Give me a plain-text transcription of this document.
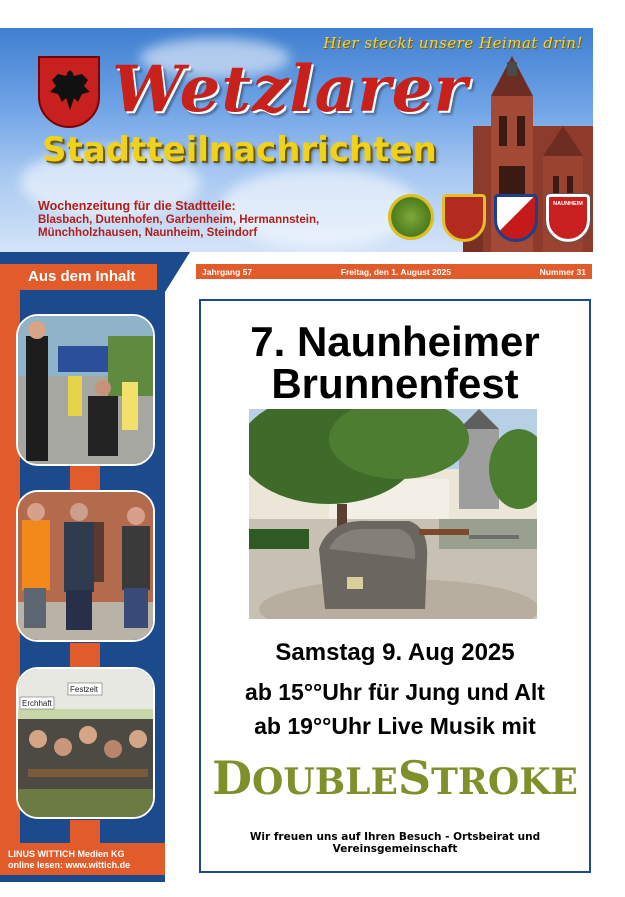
Hier steckt unsere Heimat drin!
Wetzlarer
Stadtteilnachrichten
Wochenzeitung für die Stadtteile:
Blasbach, Dutenhofen, Garbenheim, Hermannstein,
Münchholzhausen, Naunheim, Steindorf
NAUNHEIM
Aus dem Inhalt
Erchhaft
Festzelt
LINUS WITTICH Medien KG
online lesen: www.wittich.de
Jahrgang 57	Freitag, den 1. August 2025	Nummer 31
7. Naunheimer
Brunnenfest
Samstag 9. Aug 2025
ab 15°°Uhr für Jung und Alt
ab 19°°Uhr Live Musik mit
DOUBLESTROKE
Wir freuen uns auf Ihren Besuch - Ortsbeirat und Vereinsgemeinschaft
